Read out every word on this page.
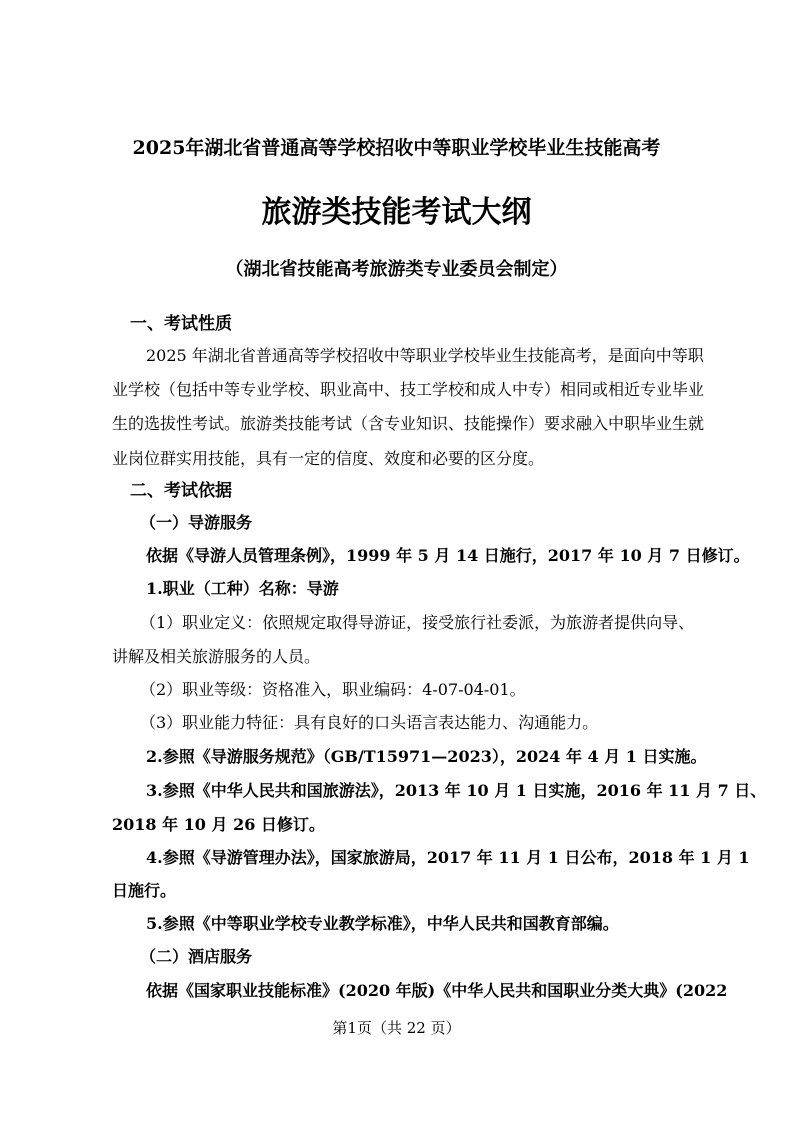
2025年湖北省普通高等学校招收中等职业学校毕业生技能高考
旅游类技能考试大纲
（湖北省技能高考旅游类专业委员会制定）
一、考试性质
2025 年湖北省普通高等学校招收中等职业学校毕业生技能高考，是面向中等职
业学校（包括中等专业学校、职业高中、技工学校和成人中专）相同或相近专业毕业
生的选拔性考试。旅游类技能考试（含专业知识、技能操作）要求融入中职毕业生就
业岗位群实用技能，具有一定的信度、效度和必要的区分度。
二、考试依据
（一）导游服务
依据《导游人员管理条例》，1999 年 5 月 14 日施行，2017 年 10 月 7 日修订。
1.职业（工种）名称：导游
（1）职业定义：依照规定取得导游证，接受旅行社委派，为旅游者提供向导、
讲解及相关旅游服务的人员。
（2）职业等级：资格准入，职业编码：4-07-04-01。
（3）职业能力特征：具有良好的口头语言表达能力、沟通能力。
2.参照《导游服务规范》（GB/T15971—2023），2024 年 4 月 1 日实施。
3.参照《中华人民共和国旅游法》，2013 年 10 月 1 日实施，2016 年 11 月 7 日、
2018 年 10 月 26 日修订。
4.参照《导游管理办法》，国家旅游局，2017 年 11 月 1 日公布，2018 年 1 月 1
日施行。
5.参照《中等职业学校专业教学标准》，中华人民共和国教育部编。
（二）酒店服务
依据《国家职业技能标准》(2020 年版)《中华人民共和国职业分类大典》(2022
第1页（共 22 页）
